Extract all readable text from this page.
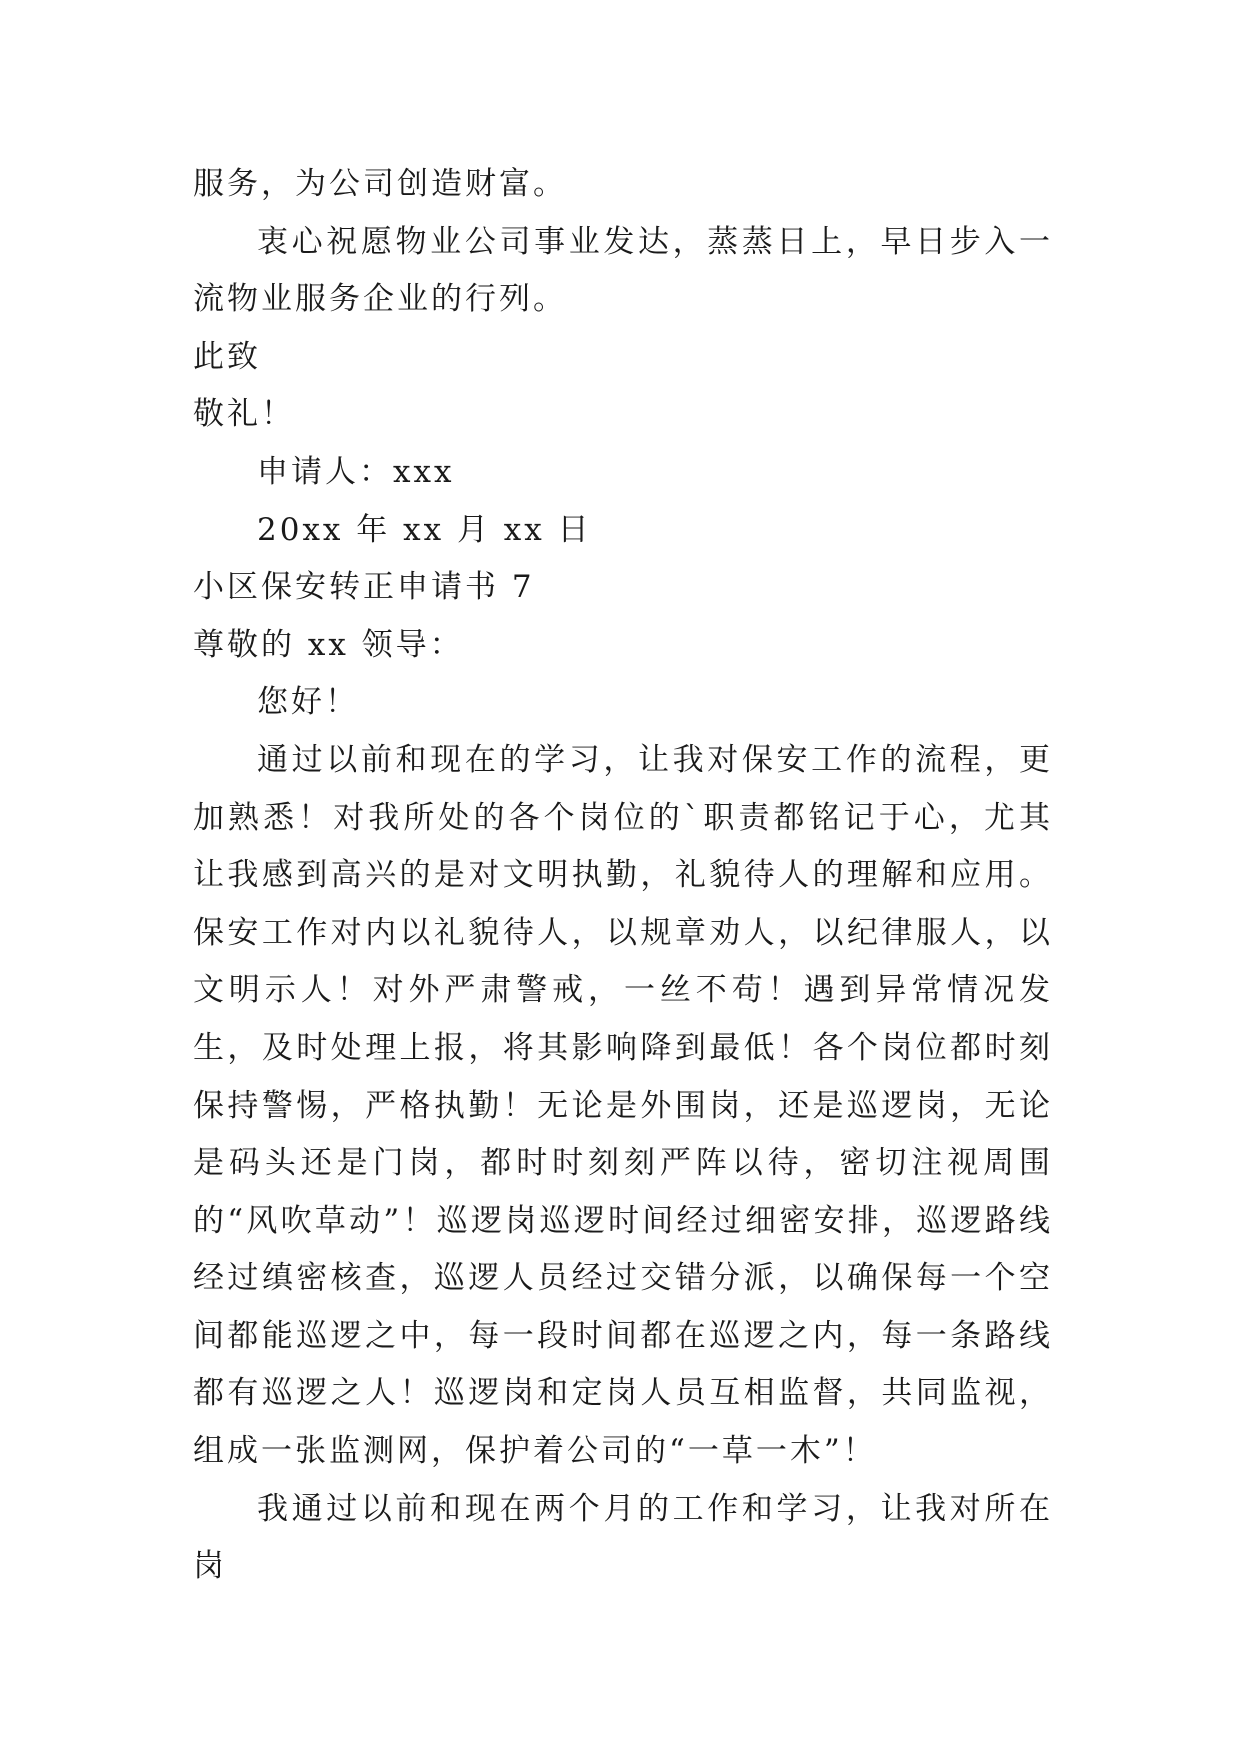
服务，为公司创造财富。

衷心祝愿物业公司事业发达，蒸蒸日上，早日步入一流物业服务企业的行列。

此致

敬礼！

申请人：xxx

20xx 年 xx 月 xx 日

小区保安转正申请书 7

尊敬的 xx 领导：

您好！

通过以前和现在的学习，让我对保安工作的流程，更加熟悉！对我所处的各个岗位的`职责都铭记于心，尤其让我感到高兴的是对文明执勤，礼貌待人的理解和应用。保安工作对内以礼貌待人，以规章劝人，以纪律服人，以文明示人！对外严肃警戒，一丝不苟！遇到异常情况发生，及时处理上报，将其影响降到最低！各个岗位都时刻保持警惕，严格执勤！无论是外围岗，还是巡逻岗，无论是码头还是门岗，都时时刻刻严阵以待，密切注视周围的“风吹草动”！巡逻岗巡逻时间经过细密安排，巡逻路线经过缜密核查，巡逻人员经过交错分派，以确保每一个空间都能巡逻之中，每一段时间都在巡逻之内，每一条路线都有巡逻之人！巡逻岗和定岗人员互相监督，共同监视，组成一张监测网，保护着公司的“一草一木”！

我通过以前和现在两个月的工作和学习，让我对所在岗
